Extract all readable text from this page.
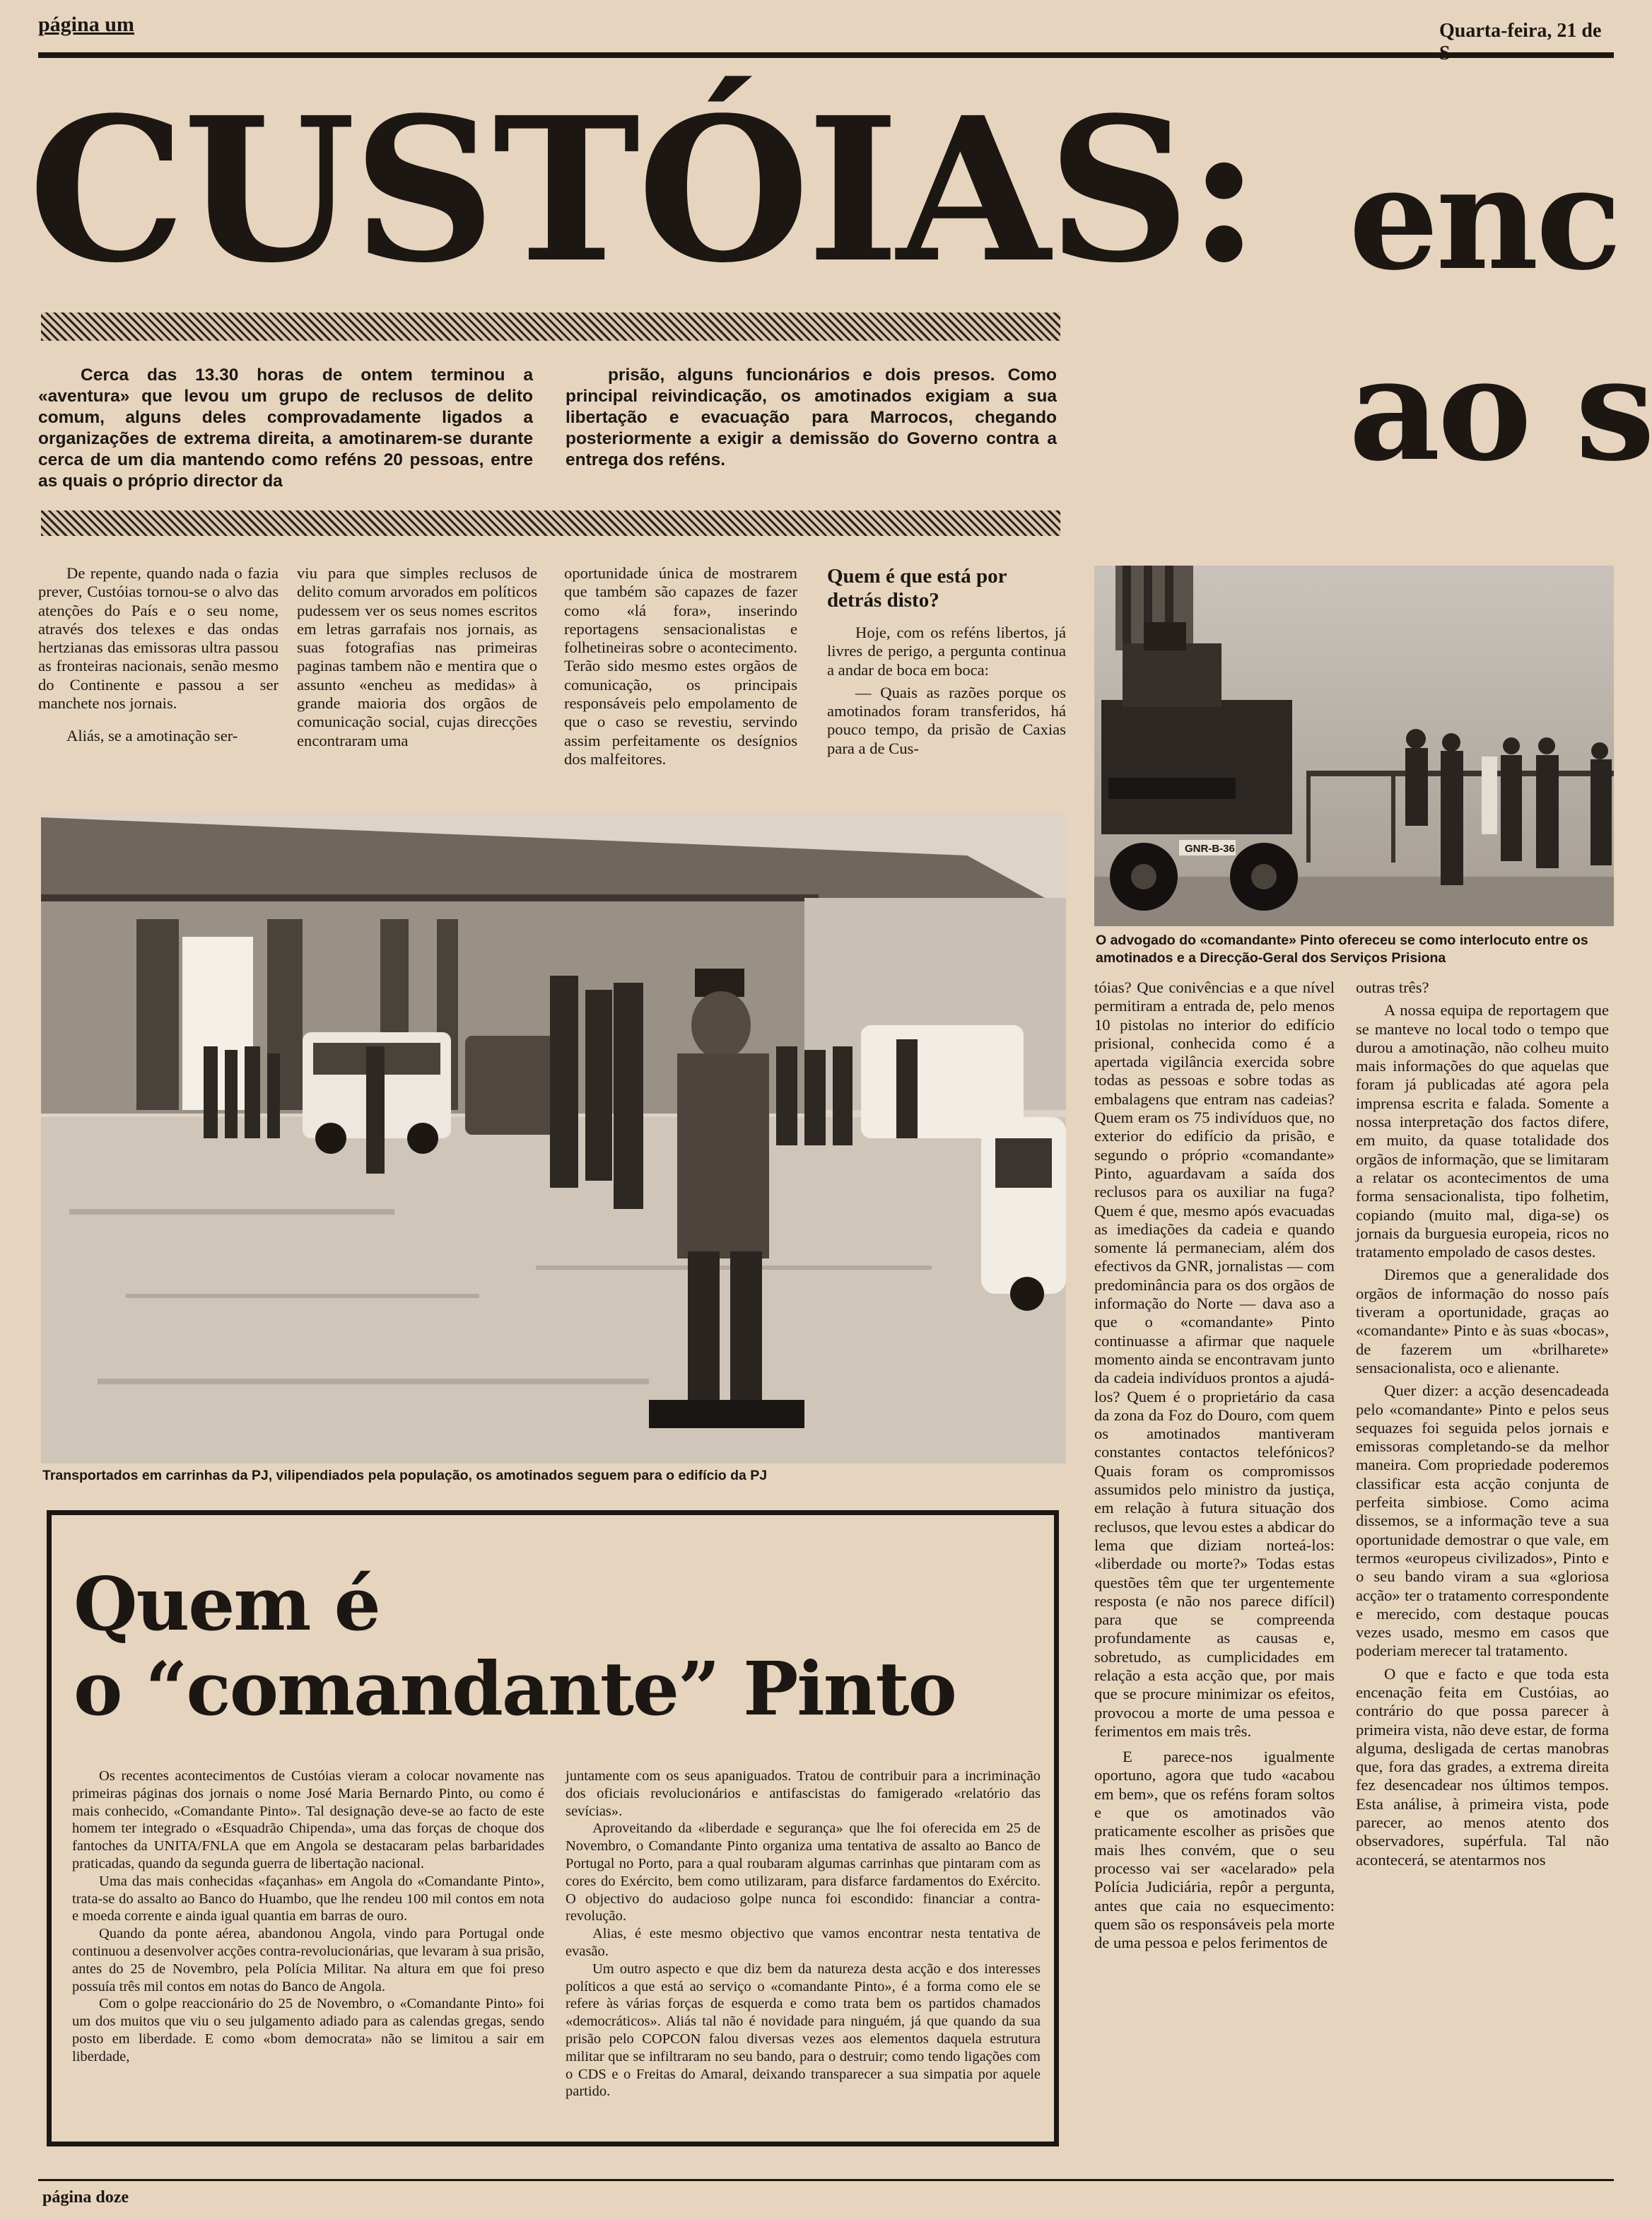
página um	Quarta-feira, 21 de
CUSTÓIAS: enc
ao s
Cerca das 13.30 horas de ontem terminou a «aventura» que levou um grupo de reclusos de delito comum, alguns deles comprovadamente ligados a organizações de extrema direita, a amotinarem-se durante cerca de um dia mantendo como reféns 20 pessoas, entre as quais o próprio director da
prisão, alguns funcionários e dois presos. Como principal reivindicação, os amotinados exigiam a sua libertação e evacuação para Marrocos, chegando posteriormente a exigir a demissão do Governo contra a entrega dos reféns.

De repente, quando nada o fazia prever, Custóias tornou-se o alvo das atenções do País e o seu nome, através dos telexes e das ondas hertzianas das emissoras ultra passou as fronteiras nacionais, senão mesmo do Continente e passou a ser manchete nos jornais.

Aliás, se a amotinação ser-

viu para que simples reclusos de delito comum arvorados em políticos pudessem ver os seus nomes escritos em letras garrafais nos jornais, as suas fotografias nas primeiras paginas tambem não e mentira que o assunto «encheu as medidas» à grande maioria dos orgãos de comunicação social, cujas direcções encontraram uma

oportunidade única de mostrarem que também são capazes de fazer como «lá fora», inserindo reportagens sensacionalistas e folhetineiras sobre o acontecimento. Terão sido mesmo estes orgãos de comunicação, os principais responsáveis pelo empolamento de que o caso se revestiu, servindo assim perfeitamente os desígnios dos malfeitores.

Quem é que está por detrás disto?

Hoje, com os reféns libertos, já livres de perigo, a pergunta continua a andar de boca em boca:

— Quais as razões porque os amotinados foram transferidos, há pouco tempo, da prisão de Caxias para a de Cus-

GNR-B-36
O advogado do «comandante» Pinto ofereceu se como interlocuto entre os amotinados e a Direcção-Geral dos Serviços Prisiona
Transportados em carrinhas da PJ, vilipendiados pela população, os amotinados seguem para o edifício da PJ

tóias? Que conivências e a que nível permitiram a entrada de, pelo menos 10 pistolas no interior do edifício prisional, conhecida como é a apertada vigilância exercida sobre todas as pessoas e sobre todas as embalagens que entram nas cadeias? Quem eram os 75 indivíduos que, no exterior do edifício da prisão, e segundo o próprio «comandante» Pinto, aguardavam a saída dos reclusos para os auxiliar na fuga? Quem é que, mesmo após evacuadas as imediações da cadeia e quando somente lá permaneciam, além dos efectivos da GNR, jornalistas — com predominância para os dos orgãos de informação do Norte — dava aso a que o «comandante» Pinto continuasse a afirmar que naquele momento ainda se encontravam junto da cadeia indivíduos prontos a ajudá-los? Quem é o proprietário da casa da zona da Foz do Douro, com quem os amotinados mantiveram constantes contactos telefónicos? Quais foram os compromissos assumidos pelo ministro da justiça, em relação à futura situação dos reclusos, que levou estes a abdicar do lema que diziam norteá-los: «liberdade ou morte?» Todas estas questões têm que ter urgentemente resposta (e não nos parece difícil) para que se compreenda profundamente as causas e, sobretudo, as cumplicidades em relação a esta acção que, por mais que se procure minimizar os efeitos, provocou a morte de uma pessoa e ferimentos em mais três.

E parece-nos igualmente oportuno, agora que tudo «acabou em bem», que os reféns foram soltos e que os amotinados vão praticamente escolher as prisões que mais lhes convém, que o seu processo vai ser «acelarado» pela Polícia Judiciária, repôr a pergunta, antes que caia no esquecimento: quem são os responsáveis pela morte de uma pessoa e pelos ferimentos de

outras três?

A nossa equipa de reportagem que se manteve no local todo o tempo que durou a amotinação, não colheu muito mais informações do que aquelas que foram já publicadas até agora pela imprensa escrita e falada. Somente a nossa interpretação dos factos difere, em muito, da quase totalidade dos orgãos de informação, que se limitaram a relatar os acontecimentos de uma forma sensacionalista, tipo folhetim, copiando (muito mal, diga-se) os jornais da burguesia europeia, ricos no tratamento empolado de casos destes.

Diremos que a generalidade dos orgãos de informação do nosso país tiveram a oportunidade, graças ao «comandante» Pinto e às suas «bocas», de fazerem um «brilharete» sensacionalista, oco e alienante.

Quer dizer: a acção desencadeada pelo «comandante» Pinto e pelos seus sequazes foi seguida pelos jornais e emissoras completando-se da melhor maneira. Com propriedade poderemos classificar esta acção conjunta de perfeita simbiose. Como acima dissemos, se a informação teve a sua oportunidade demostrar o que vale, em termos «europeus civilizados», Pinto e o seu bando viram a sua «gloriosa acção» ter o tratamento correspondente e merecido, com destaque poucas vezes usado, mesmo em casos que poderiam merecer tal tratamento.

O que e facto e que toda esta encenação feita em Custóias, ao contrário do que possa parecer à primeira vista, não deve estar, de forma alguma, desligada de certas manobras que, fora das grades, a extrema direita fez desencadear nos últimos tempos. Esta análise, à primeira vista, pode parecer, ao menos atento dos observadores, supérfula. Tal não acontecerá, se atentarmos nos

Quem é
o “comandante” Pinto

Os recentes acontecimentos de Custóias vieram a colocar novamente nas primeiras páginas dos jornais o nome José Maria Bernardo Pinto, ou como é mais conhecido, «Comandante Pinto». Tal designação deve-se ao facto de este homem ter integrado o «Esquadrão Chipenda», uma das forças de choque dos fantoches da UNITA/FNLA que em Angola se destacaram pelas barbaridades praticadas, quando da segunda guerra de libertação nacional.

Uma das mais conhecidas «façanhas» em Angola do «Comandante Pinto», trata-se do assalto ao Banco do Huambo, que lhe rendeu 100 mil contos em nota e moeda corrente e ainda igual quantia em barras de ouro.

Quando da ponte aérea, abandonou Angola, vindo para Portugal onde continuou a desenvolver acções contra-revolucionárias, que levaram à sua prisão, antes do 25 de Novembro, pela Polícia Militar. Na altura em que foi preso possuía três mil contos em notas do Banco de Angola.

Com o golpe reaccionário do 25 de Novembro, o «Comandante Pinto» foi um dos muitos que viu o seu julgamento adiado para as calendas gregas, sendo posto em liberdade. E como «bom democrata» não se limitou a sair em liberdade,

juntamente com os seus apaniguados. Tratou de contribuir para a incriminação dos oficiais revolucionários e antifascistas do famigerado «relatório das sevícias».

Aproveitando da «liberdade e segurança» que lhe foi oferecida em 25 de Novembro, o Comandante Pinto organiza uma tentativa de assalto ao Banco de Portugal no Porto, para a qual roubaram algumas carrinhas que pintaram com as cores do Exército, bem como utilizaram, para disfarce fardamentos do Exército. O objectivo do audacioso golpe nunca foi escondido: financiar a contra-revolução.

Alias, é este mesmo objectivo que vamos encontrar nesta tentativa de evasão.

Um outro aspecto e que diz bem da natureza desta acção e dos interesses políticos a que está ao serviço o «comandante Pinto», é a forma como ele se refere às várias forças de esquerda e como trata bem os partidos chamados «democráticos». Aliás tal não é novidade para ninguém, já que quando da sua prisão pelo COPCON falou diversas vezes aos elementos daquela estrutura militar que se infiltraram no seu bando, para o destruir; como tendo ligações com o CDS e o Freitas do Amaral, deixando transparecer a sua simpatia por aquele partido.

página doze
